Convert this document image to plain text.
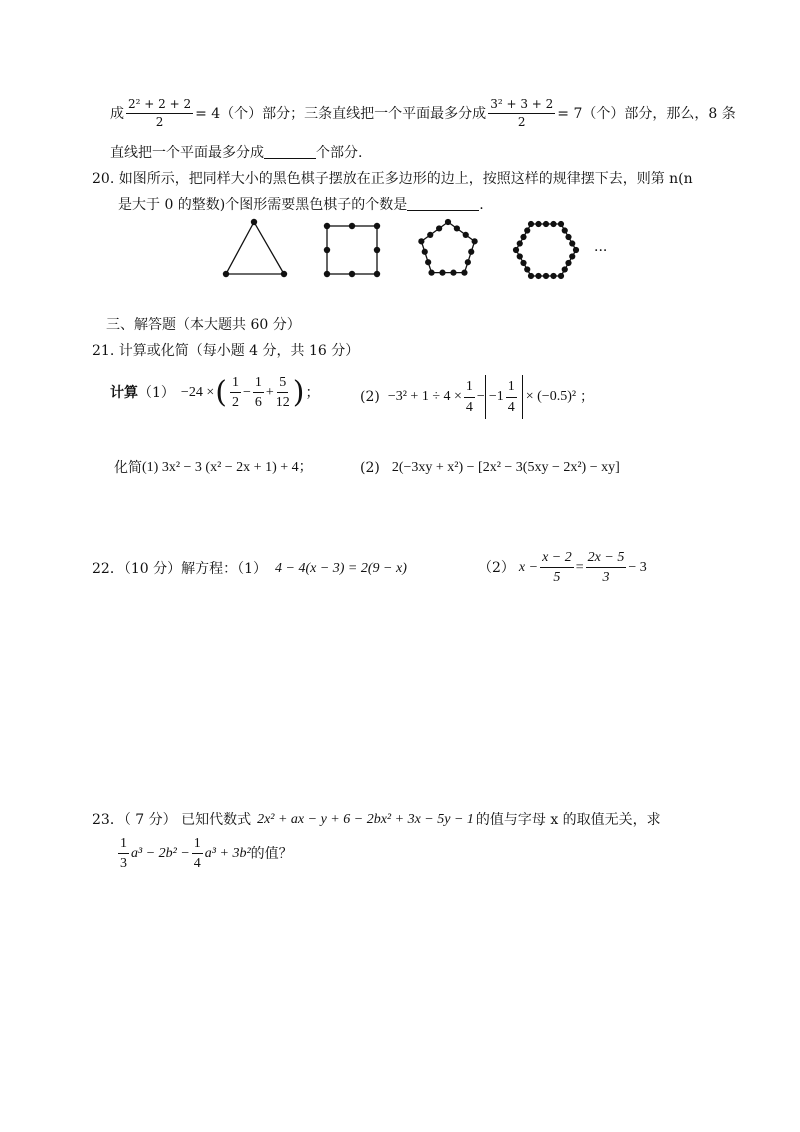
成 $\frac{\text{2² + 2 + 2}}{2} = 4$（个）部分；三条直线把一个平面最多分成 $\frac{\text{3² + 3 + 2}}{2} = 7$（个）部分，那么，8 条
直线把一个平面最多分成	个部分.
20. 如图所示，把同样大小的黑色棋子摆放在正多边形的边上，按照这样的规律摆下去，则第 n(n
是大于 0 的整数)个图形需要黑色棋子的个数是	.
···
三、解答题（本大题共 60 分）
21. 计算或化简（每小题 4 分，共 16 分）
计算 （1） −24 × ( $\frac{1}{2} - \frac{1}{6} + \frac{5}{12}$ ) ；	$(2) -3^2 + 1 \div 4 \times \frac{1}{4} - -1 \frac{1}{4} \times (-0.5)^2$ ；
化简 (1) 3x² − 3 (x² − 2x + 1) + 4；	(2) 2(−3xy + x²) − [2x² − 3(5xy − 2x²) − xy]
22．（10 分）解方程：（1） 4 − 4(x − 3) = 2(9 − x)	（2） $x - \frac{x - 2}{5} = \frac{2x - 5}{3} - 3$
23．（ 7 分） 已知代数式 2x² + ax − y + 6 − 2bx² + 3x − 5y − 1 的值与字母 x 的取值无关，求
$\frac{1}{3} a^3 - 2b^2 - \frac{1}{4} a^3 + 3b^2$ 的值？
